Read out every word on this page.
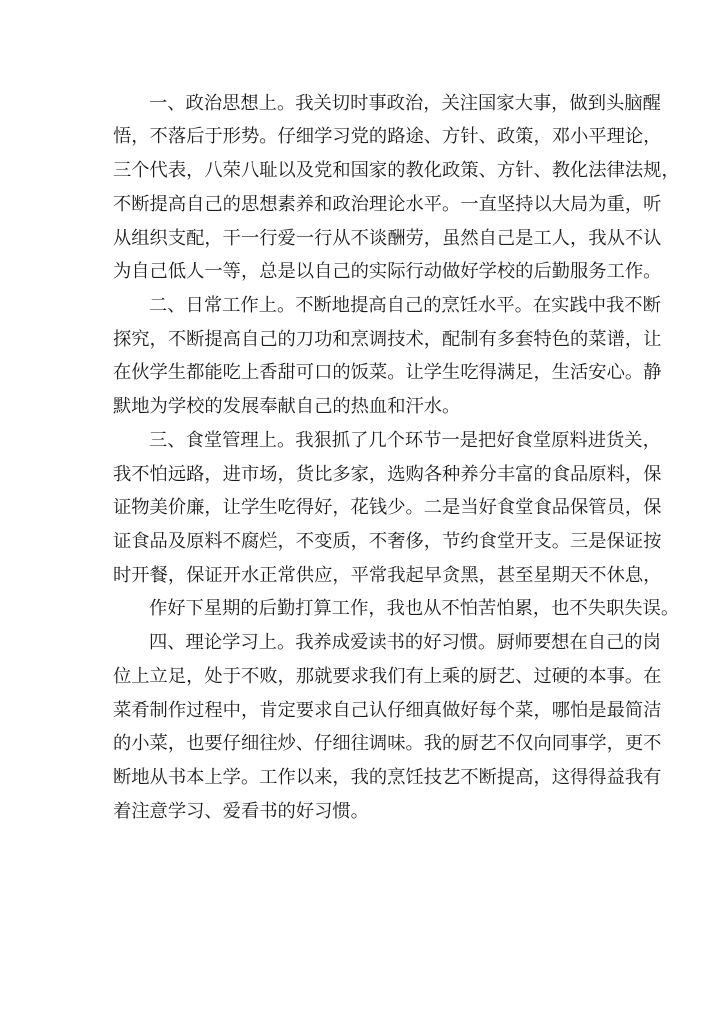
一、政治思想上。我关切时事政治，关注国家大事，做到头脑醒
悟，不落后于形势。仔细学习党的路途、方针、政策，邓小平理论，
三个代表，八荣八耻以及党和国家的教化政策、方针、教化法律法规，
不断提高自己的思想素养和政治理论水平。一直坚持以大局为重，听
从组织支配，干一行爱一行从不谈酬劳，虽然自己是工人，我从不认
为自己低人一等，总是以自己的实际行动做好学校的后勤服务工作。
二、日常工作上。不断地提高自己的烹饪水平。在实践中我不断
探究，不断提高自己的刀功和烹调技术，配制有多套特色的菜谱，让
在伙学生都能吃上香甜可口的饭菜。让学生吃得满足，生活安心。静
默地为学校的发展奉献自己的热血和汗水。
三、食堂管理上。我狠抓了几个环节一是把好食堂原料进货关，
我不怕远路，进市场，货比多家，选购各种养分丰富的食品原料，保
证物美价廉，让学生吃得好，花钱少。二是当好食堂食品保管员，保
证食品及原料不腐烂，不变质，不奢侈，节约食堂开支。三是保证按
时开餐，保证开水正常供应，平常我起早贪黑，甚至星期天不休息，
作好下星期的后勤打算工作，我也从不怕苦怕累，也不失职失误。
四、理论学习上。我养成爱读书的好习惯。厨师要想在自己的岗
位上立足，处于不败，那就要求我们有上乘的厨艺、过硬的本事。在
菜肴制作过程中，肯定要求自己认仔细真做好每个菜，哪怕是最简洁
的小菜，也要仔细往炒、仔细往调味。我的厨艺不仅向同事学，更不
断地从书本上学。工作以来，我的烹饪技艺不断提高，这得得益我有
着注意学习、爱看书的好习惯。
